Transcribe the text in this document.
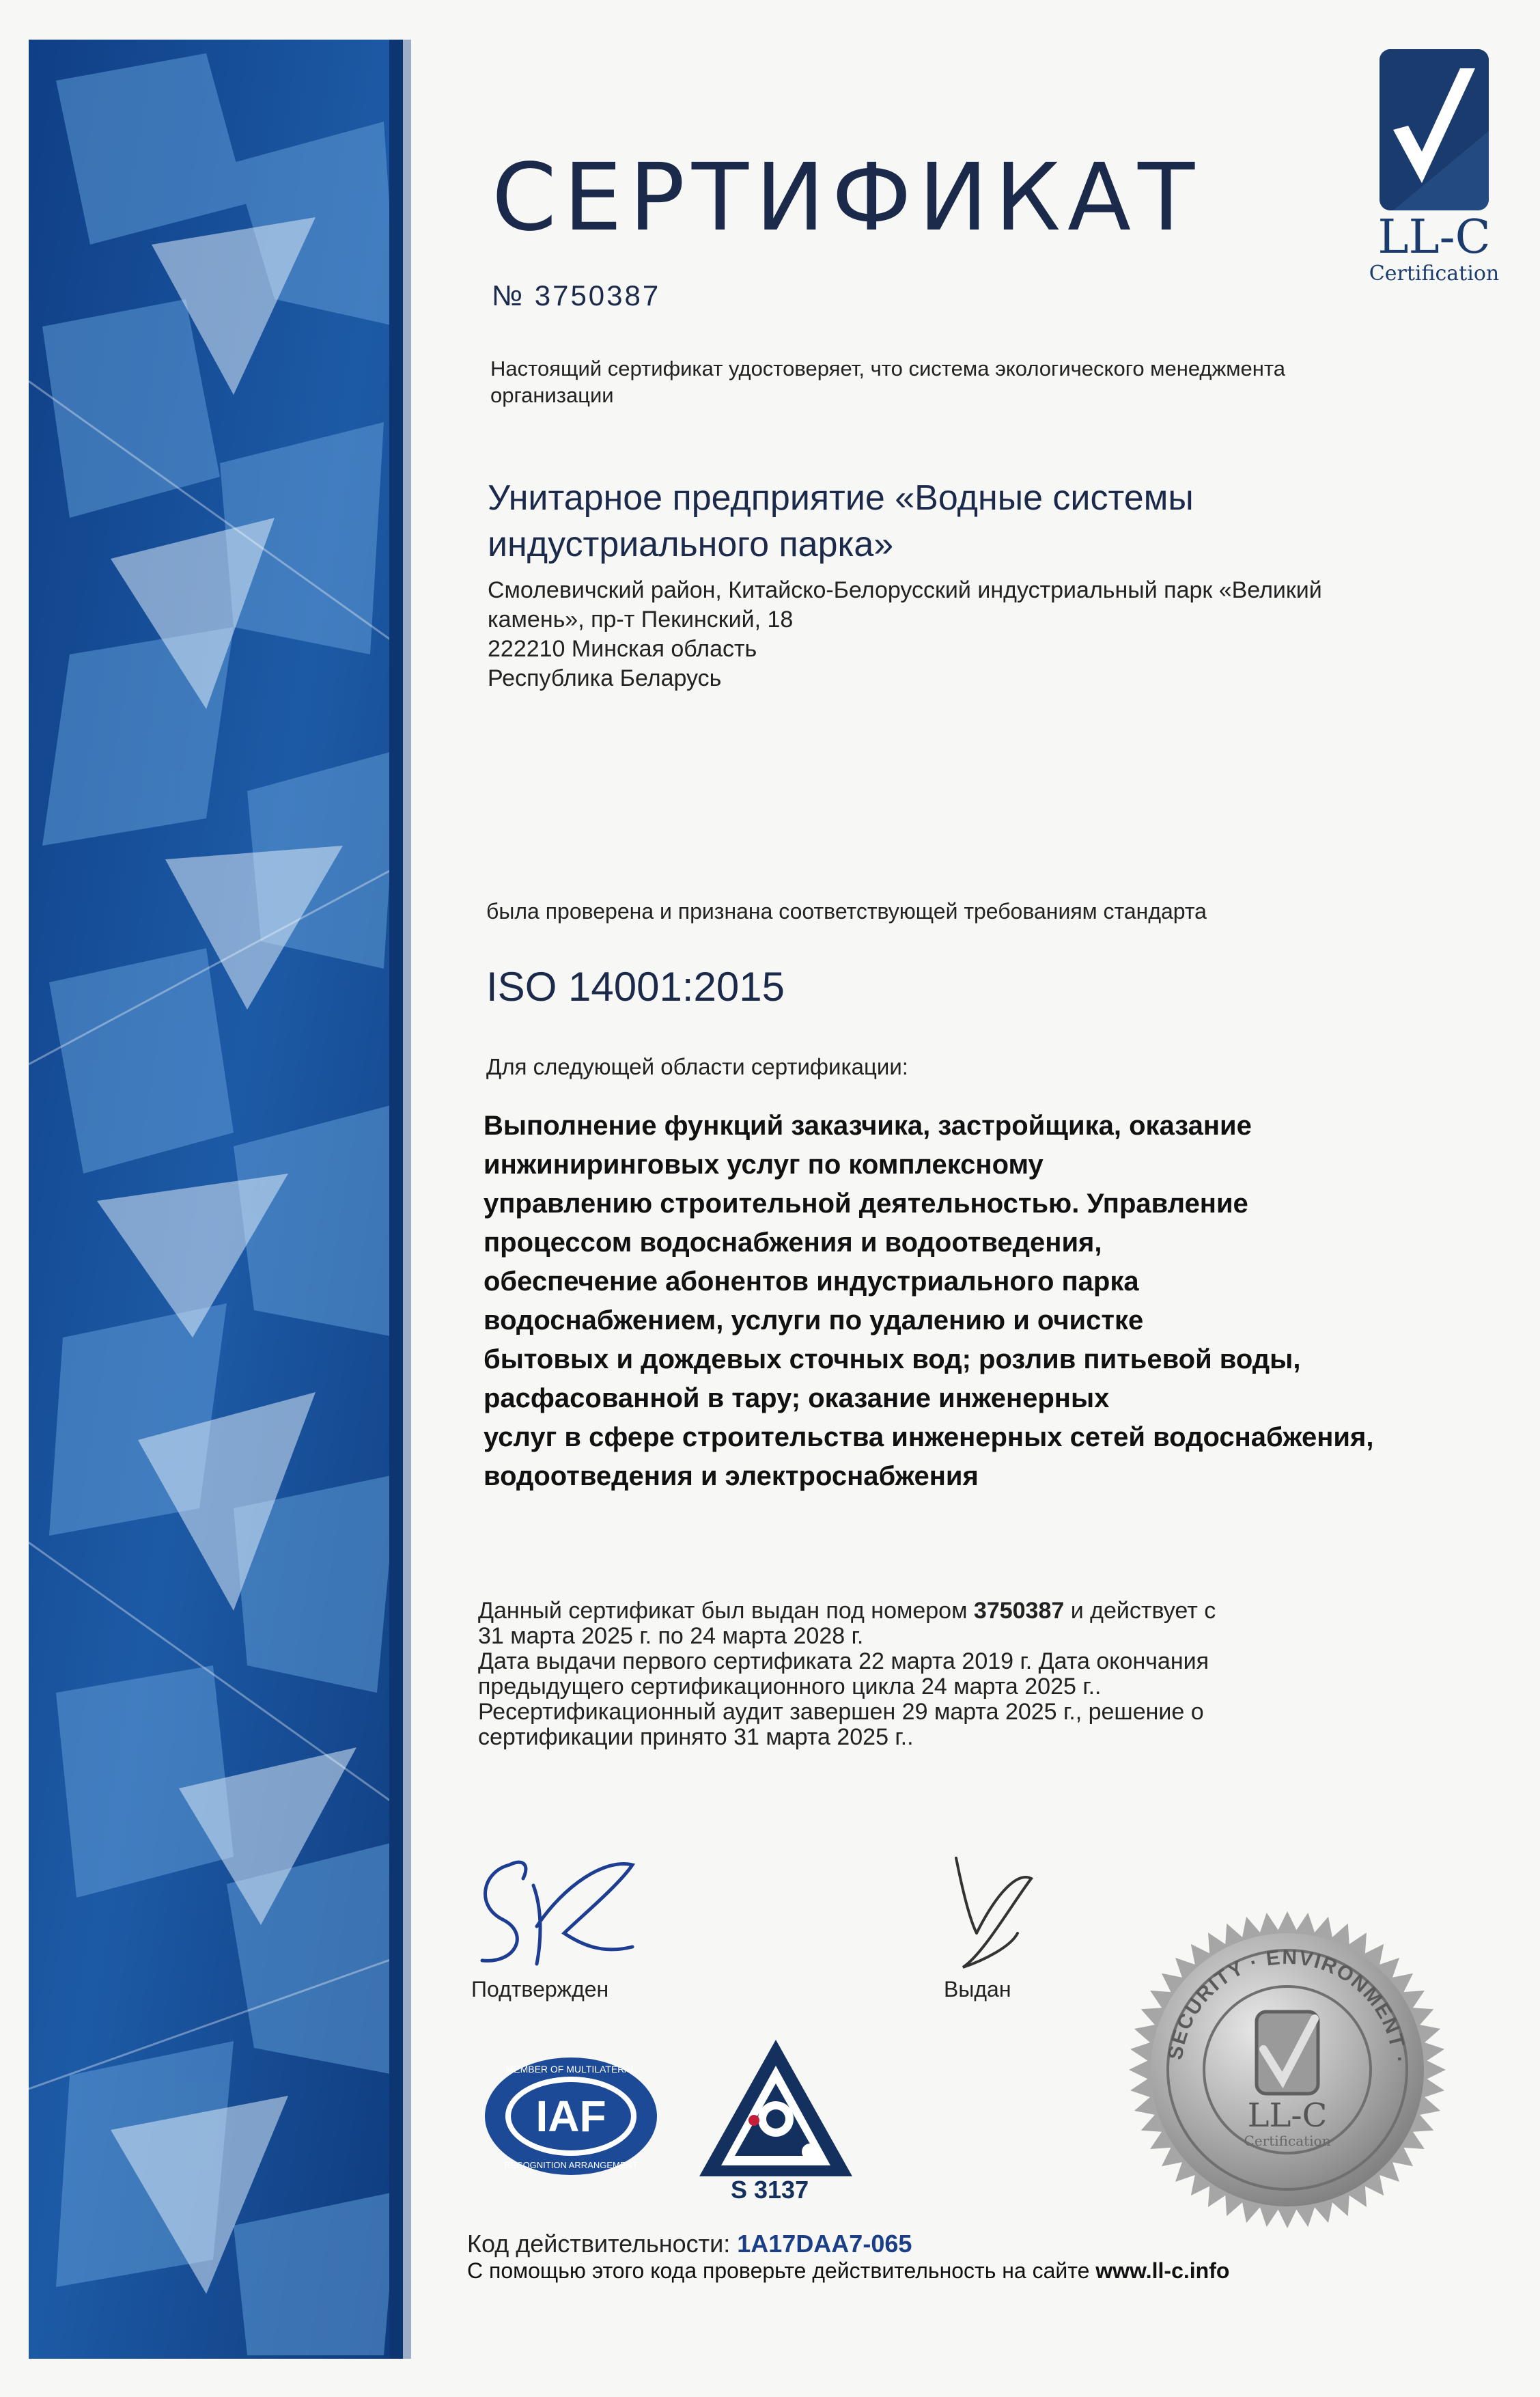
LL-C
Certification
СЕРТИФИКАТ
№ 3750387
Настоящий сертификат удостоверяет, что система экологического менеджмента
организации
Унитарное предприятие «Водные системы
индустриального парка»
Смолевичский район, Китайско-Белорусский индустриальный парк «Великий
камень», пр-т Пекинский, 18
222210 Минская область
Республика Беларусь
была проверена и признана соответствующей требованиям стандарта
ISO 14001:2015
Для следующей области сертификации:
Выполнение функций заказчика, застройщика, оказание
инжиниринговых услуг по комплексному
управлению строительной деятельностью. Управление
процессом водоснабжения и водоотведения,
обеспечение абонентов индустриального парка
водоснабжением, услуги по удалению и очистке
бытовых и дождевых сточных вод; розлив питьевой воды,
расфасованной в тару; оказание инженерных
услуг в сфере строительства инженерных сетей водоснабжения,
водоотведения и электроснабжения
Данный сертификат был выдан под номером 3750387 и действует с
31 марта 2025 г. по 24 марта 2028 г.
Дата выдачи первого сертификата 22 марта 2019 г. Дата окончания
предыдущего сертификационного цикла 24 марта 2025 г..
Ресертификационный аудит завершен 29 марта 2025 г., решение о
сертификации принято 31 марта 2025 г..
Подтвержден	Выдан
IAF
MEMBER OF MULTILATERAL
RECOGNITION ARRANGEMENT
S 3137
SECURITY · ENVIRONMENT ·
LL-C
Certification
Код действительности: 1A17DAA7-065
С помощью этого кода проверьте действительность на сайте www.ll-c.info
